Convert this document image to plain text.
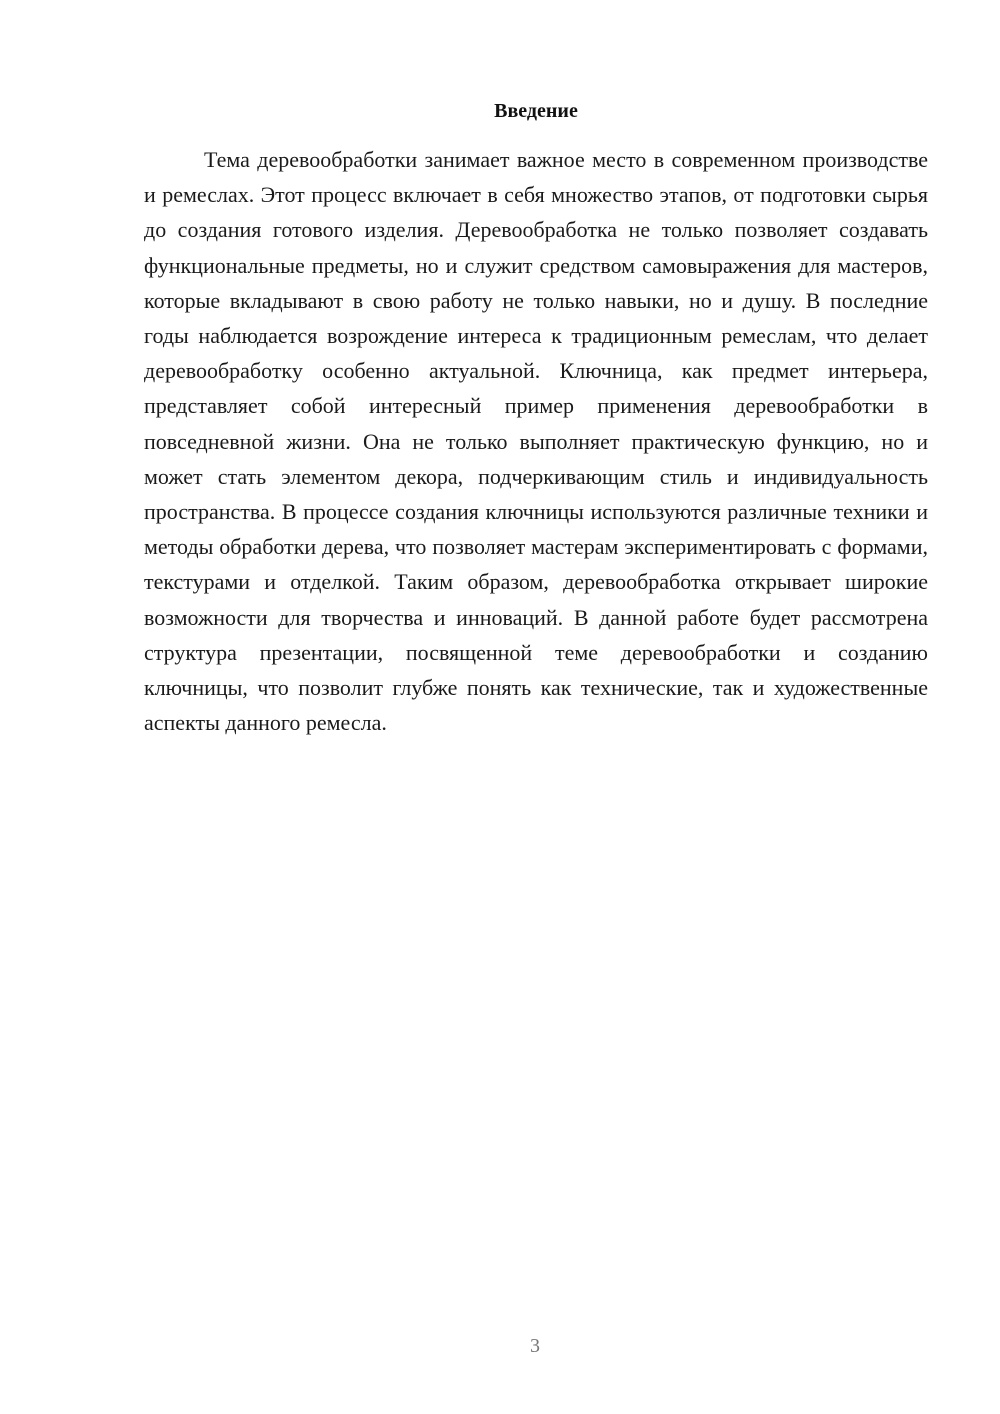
Введение

Тема деревообработки занимает важное место в современном производстве и ремеслах. Этот процесс включает в себя множество этапов, от подготовки сырья до создания готового изделия. Деревообработка не только позволяет создавать функциональные предметы, но и служит средством самовыражения для мастеров, которые вкладывают в свою работу не только навыки, но и душу. В последние годы наблюдается возрождение интереса к традиционным ремеслам, что делает деревообработку особенно актуальной. Ключница, как предмет интерьера, представляет собой интересный пример применения деревообработки в повседневной жизни. Она не только выполняет практическую функцию, но и может стать элементом декора, подчеркивающим стиль и индивидуальность пространства. В процессе создания ключницы используются различные техники и методы обработки дерева, что позволяет мастерам экспериментировать с формами, текстурами и отделкой. Таким образом, деревообработка открывает широкие возможности для творчества и инноваций. В данной работе будет рассмотрена структура презентации, посвященной теме деревообработки и созданию ключницы, что позволит глубже понять как технические, так и художественные аспекты данного ремесла.

3
